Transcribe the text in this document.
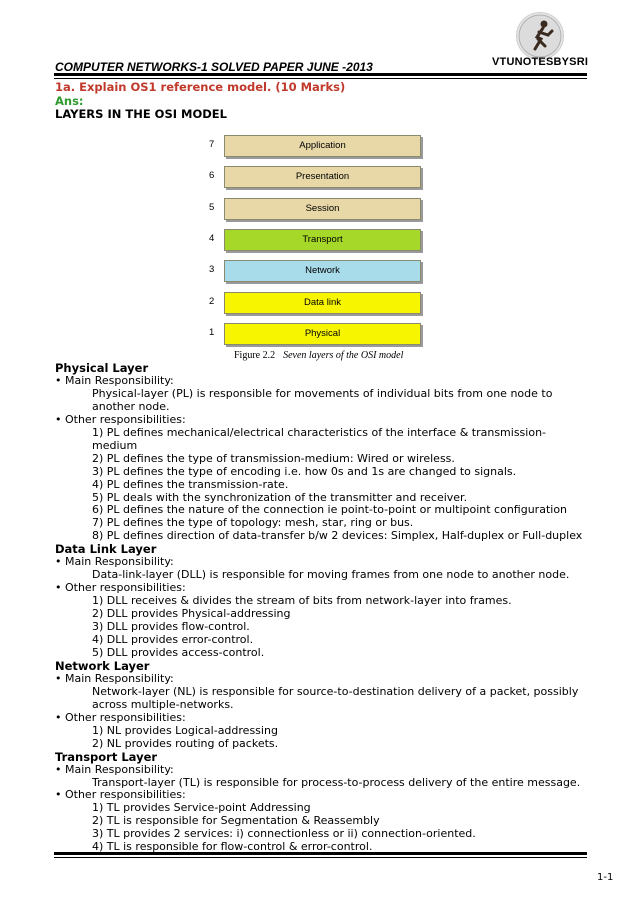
VTUNOTESBYSRI
COMPUTER NETWORKS-1 SOLVED PAPER JUNE -2013
1a. Explain OS1 reference model. (10 Marks)
Ans:
LAYERS IN THE OSI MODEL
7	Application
6	Presentation
5	Session
4	Transport
3	Network
2	Data link
1	Physical
Figure 2.2 Seven layers of the OSI model
Physical Layer
• Main Responsibility:
Physical-layer (PL) is responsible for movements of individual bits from one node to
another node.
• Other responsibilities:
1) PL defines mechanical/electrical characteristics of the interface & transmission-medium
2) PL defines the type of transmission-medium: Wired or wireless.
3) PL defines the type of encoding i.e. how 0s and 1s are changed to signals.
4) PL defines the transmission-rate.
5) PL deals with the synchronization of the transmitter and receiver.
6) PL defines the nature of the connection ie point-to-point or multipoint configuration
7) PL defines the type of topology: mesh, star, ring or bus.
8) PL defines direction of data-transfer b/w 2 devices: Simplex, Half-duplex or Full-duplex
Data Link Layer
• Main Responsibility:
Data-link-layer (DLL) is responsible for moving frames from one node to another node.
• Other responsibilities:
1) DLL receives & divides the stream of bits from network-layer into frames.
2) DLL provides Physical-addressing
3) DLL provides flow-control.
4) DLL provides error-control.
5) DLL provides access-control.
Network Layer
• Main Responsibility:
Network-layer (NL) is responsible for source-to-destination delivery of a packet, possibly
across multiple-networks.
• Other responsibilities:
1) NL provides Logical-addressing
2) NL provides routing of packets.
Transport Layer
• Main Responsibility:
Transport-layer (TL) is responsible for process-to-process delivery of the entire message.
• Other responsibilities:
1) TL provides Service-point Addressing
2) TL is responsible for Segmentation & Reassembly
3) TL provides 2 services: i) connectionless or ii) connection-oriented.
4) TL is responsible for flow-control & error-control.
1-1
